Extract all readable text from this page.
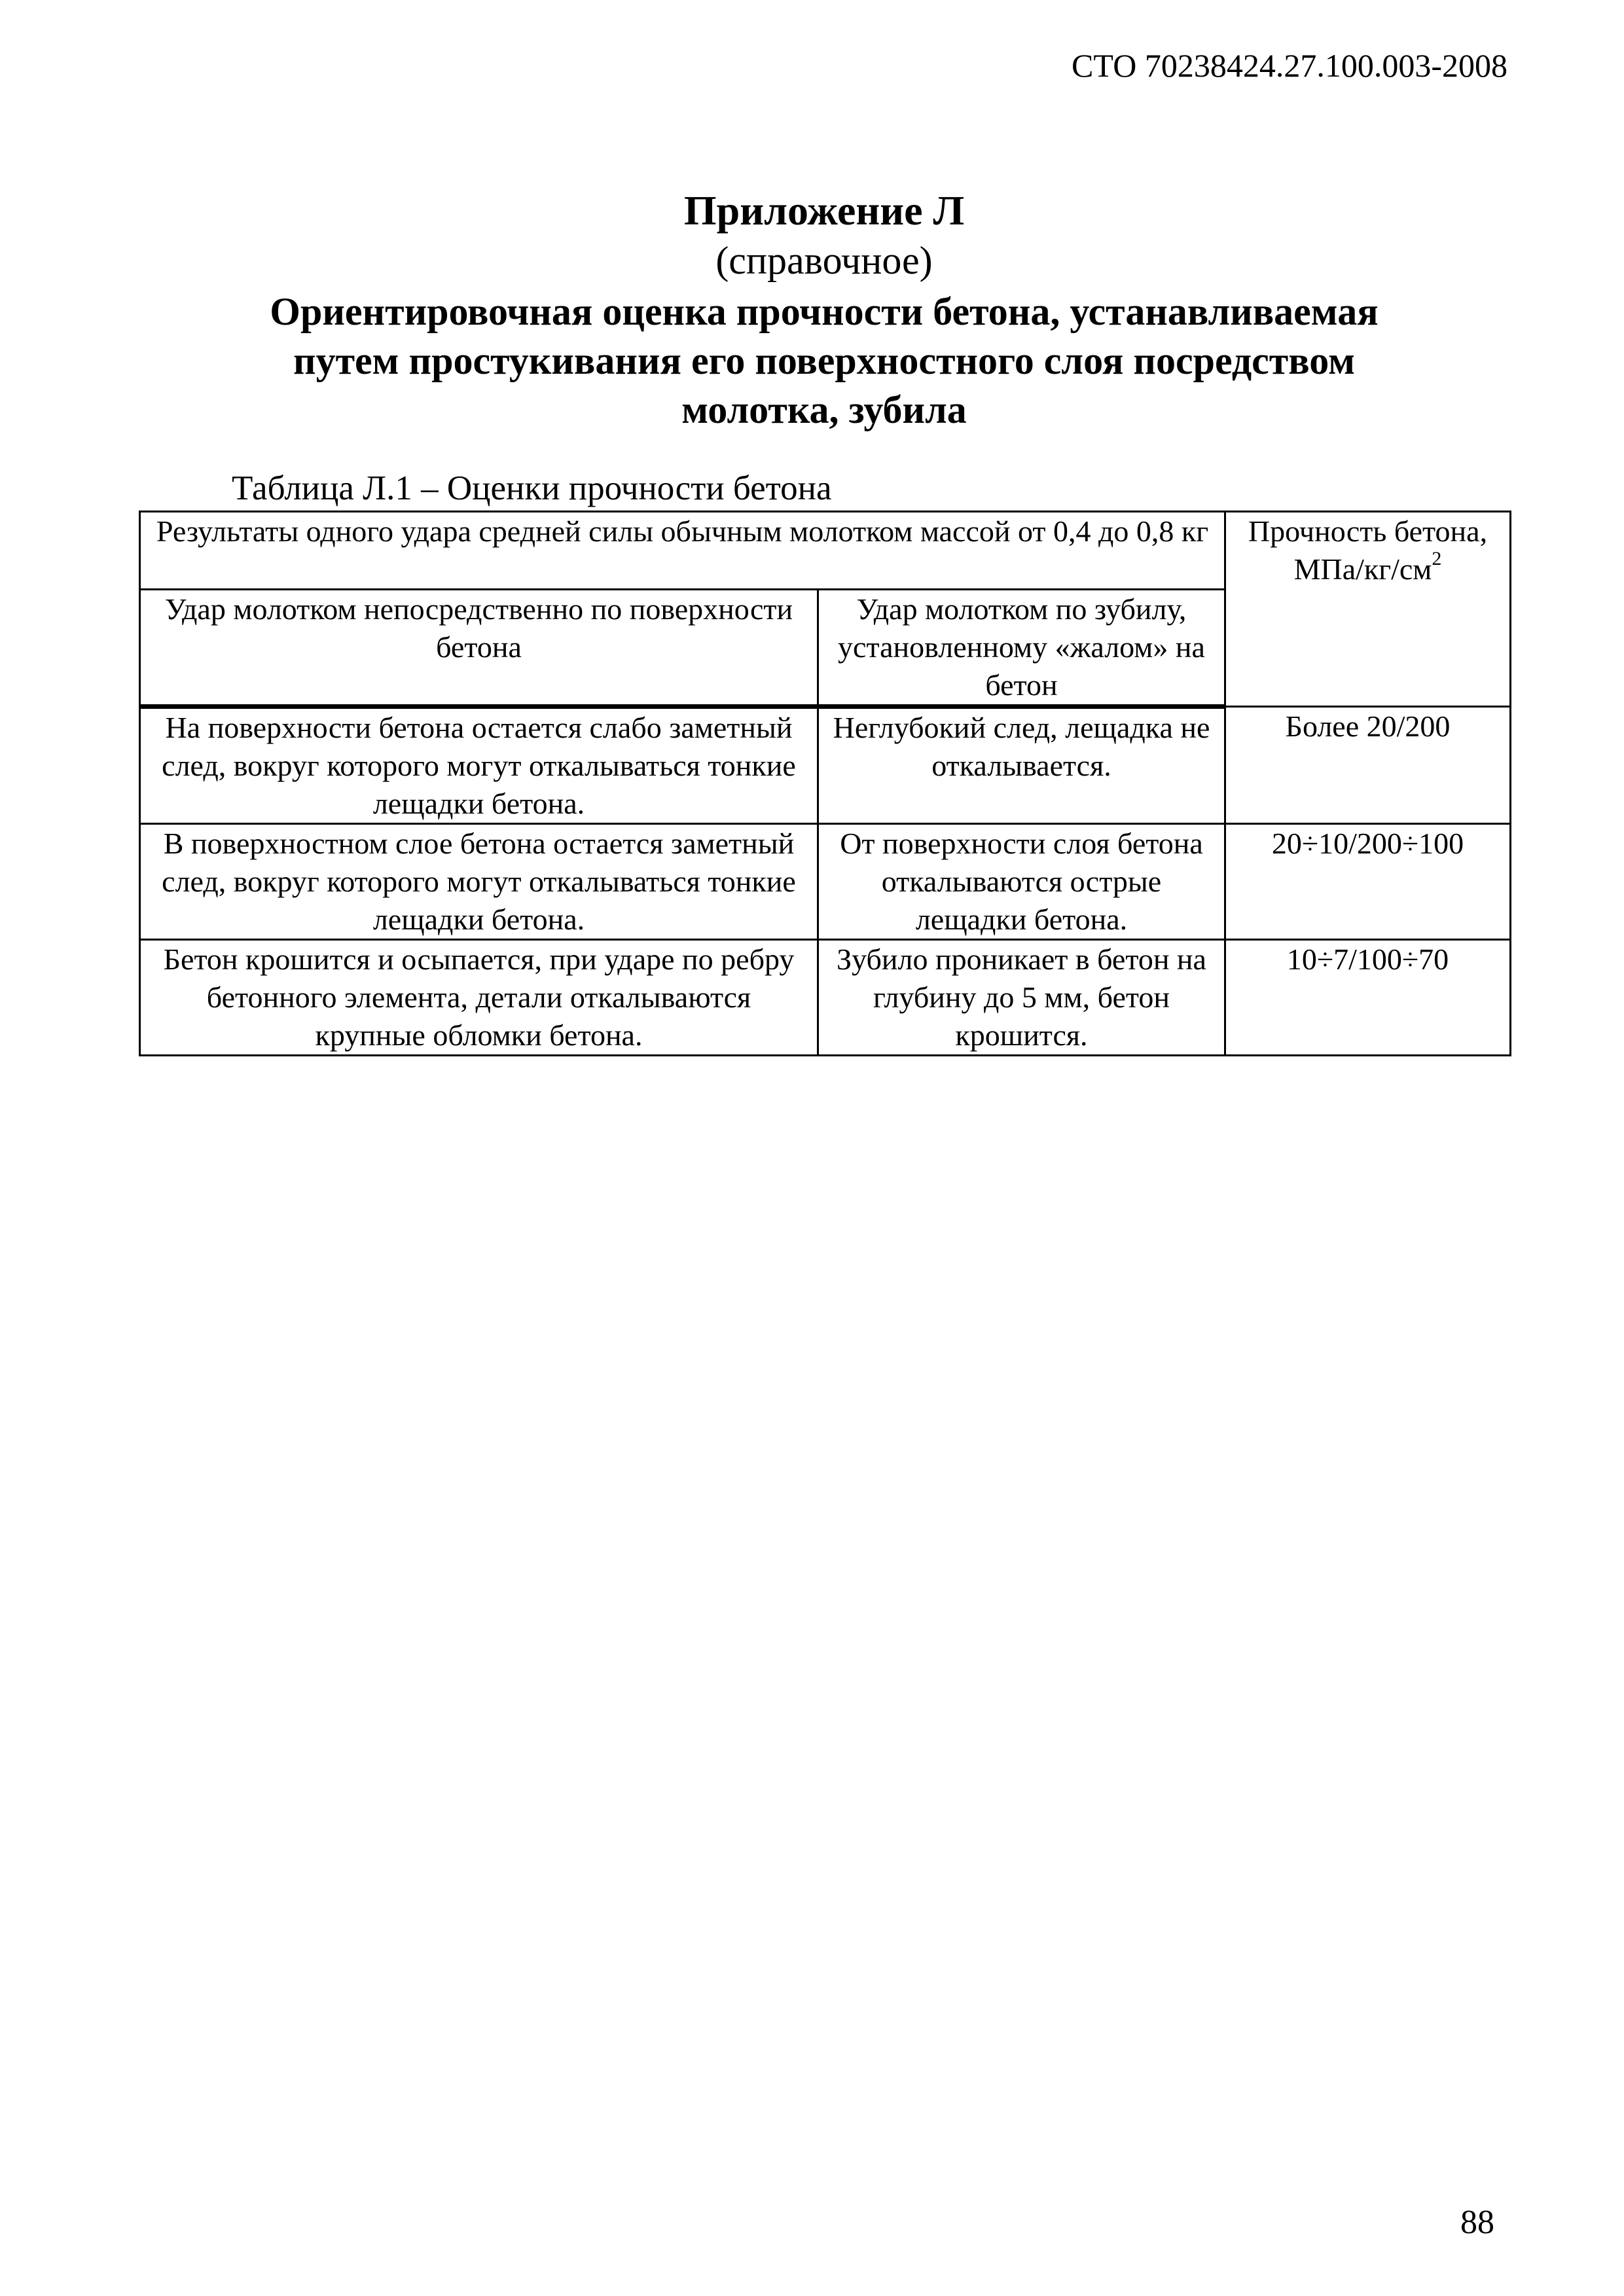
СТО 70238424.27.100.003-2008
Приложение Л
(справочное)
Ориентировочная оценка прочности бетона, устанавливаемая
путем простукивания его поверхностного слоя посредством
молотка, зубила
Таблица Л.1 – Оценки прочности бетона
Результаты одного удара средней силы обычным молотком массой от 0,4 до 0,8 кг		Прочность бетона, МПа/$кг/см^2$
Удар молотком непосредственно по поверхности бетона	Удар молотком по зубилу, установленному «жалом» на бетон	
На поверхности бетона остается слабо заметный след, вокруг которого могут откалываться тонкие лещадки бетона.	Неглубокий след, лещадка не откалывается.	Более 20/200
В поверхностном слое бетона остается заметный след, вокруг которого могут откалываться тонкие лещадки бетона.	От поверхности слоя бетона откалываются острые лещадки бетона.	20÷10/200÷100
Бетон крошится и осыпается, при ударе по ребру бетонного элемента, детали откалываются крупные обломки бетона.	Зубило проникает в бетон на глубину до 5 мм, бетон крошится.	10÷7/100÷70
88
